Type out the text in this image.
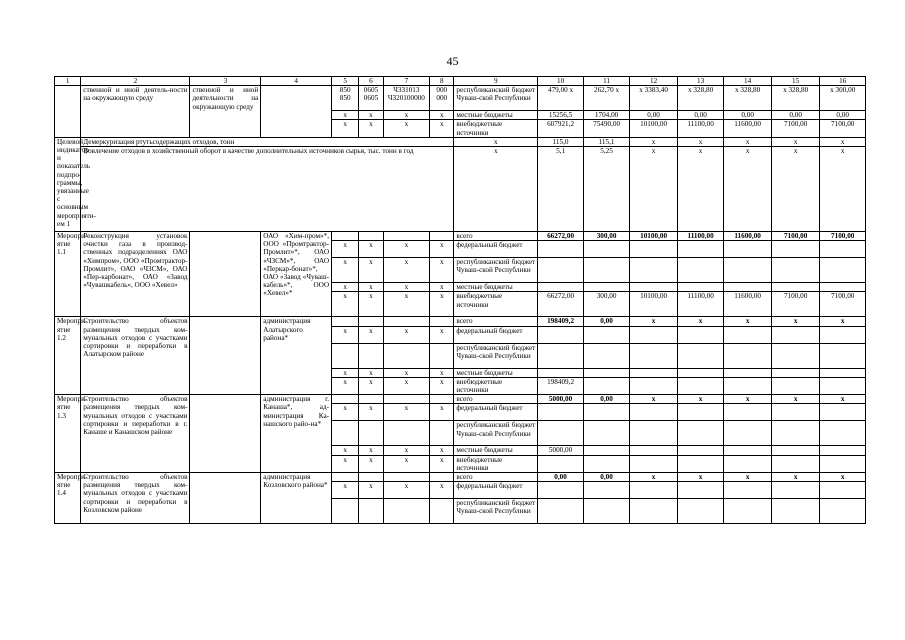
45
1	2	3	4	5	6	7	8	9	10	11	12	13	14	15	16
	ственной и иной деятель-ности на окружающую среду	ственной и иной деятельности на окружающую среду		850 850	0605 0605	Ч331013 Ч320100000	000 000	республиканский бюджет Чуваш-ской Республики	479,00 x	262,70 x	x 3383,40	x 328,80	x 328,80	x 328,80	x 300,00
				x	x	x	x	местные бюджеты	15256,5	1704,00	0,00	0,00	0,00	0,00	0,00
				x	x	x	x	внебюджетные источники	607921,2	75490,00	10100,00	11100,00	11600,00	7100,00	7100,00
Целевой индикатор и показатель подпро-граммы, увязанные с основным мероприяти-ем 1	Демеркуризация ртутьсодержащих отходов, тонн							x	115,0	115,1	x	x	x	x	x
	Вовлечение отходов в хозяйственный оборот в качестве дополнительных источников сырья, тыс. тонн в год							x	5,1	5,25	x	x	x	x	x
Меропри-ятие 1.1	Реконструкция установок очистки газа в производ-ственных подразделениях ОАО «Химпром», ООО «Промтрактор-Промлит», ОАО «ЧЗСМ», ОАО «Пер-карбонат», ОАО «Завод «Чувашкабель», ООО «Хевел»		ОАО «Хим-пром»*, ООО «Промтрактор-Промлит»*, ОАО «ЧЗСМ»*, ОАО «Перкар-бонат»*, ОАО «Завод «Чуваш-кабель»*, ООО «Хевел»*					всего	66272,00	300,00	10100,00	11100,00	11600,00	7100,00	7100,00
				x	x	x	x	федеральный бюджет							
				x	x	x	x	республиканский бюджет Чуваш-ской Республики							
				x	x	x	x	местные бюджеты							
				x	x	x	x	внебюджетные источники	66272,00	300,00	10100,00	11100,00	11600,00	7100,00	7100,00
Меропри-ятие 1.2	Строительство объектов размещения твердых ком-мунальных отходов с участками сортировки и переработки в Алатырском районе		администрация Алатырского района*					всего	198409,2	0,00	x	x	x	x	x
				x	x	x	x	федеральный бюджет							
								республиканский бюджет Чуваш-ской Республики							
				x	x	x	x	местные бюджеты							
				x	x	x	x	внебюджетные источники	198409,2						
Меропри-ятие 1.3	Строительство объектов размещения твердых ком-мунальных отходов с участками сортировки и переработки в г. Канаше и Канашском районе		администрация г. Канаша*, ад-министрация Ка-нашского райо-на*					всего	5000,00	0,00	x	x	x	x	x
				x	x	x	x	федеральный бюджет							
								республиканский бюджет Чуваш-ской Республики							
				x	x	x	x	местные бюджеты	5000,00						
				x	x	x	x	внебюджетные источники							
Меропри-ятие 1.4	Строительство объектов размещения твердых ком-мунальных отходов с участками сортировки и переработки в Козловском районе		администрация Козловского района*					всего	0,00	0,00	x	x	x	x	x
				x	x	x	x	федеральный бюджет							
								республиканский бюджет Чуваш-ской Республики							
